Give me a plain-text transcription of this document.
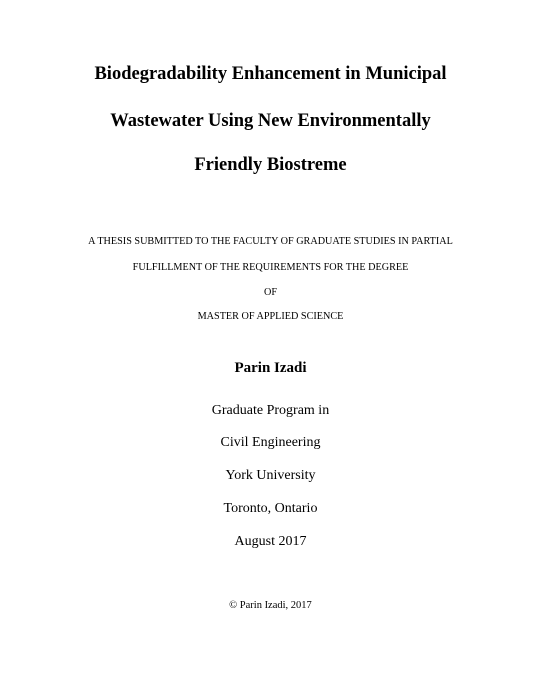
Biodegradability Enhancement in Municipal
Wastewater Using New Environmentally
Friendly Biostreme
A THESIS SUBMITTED TO THE FACULTY OF GRADUATE STUDIES IN PARTIAL
FULFILLMENT OF THE REQUIREMENTS FOR THE DEGREE
OF
MASTER OF APPLIED SCIENCE
Parin Izadi
Graduate Program in
Civil Engineering
York University
Toronto, Ontario
August 2017
© Parin Izadi, 2017
